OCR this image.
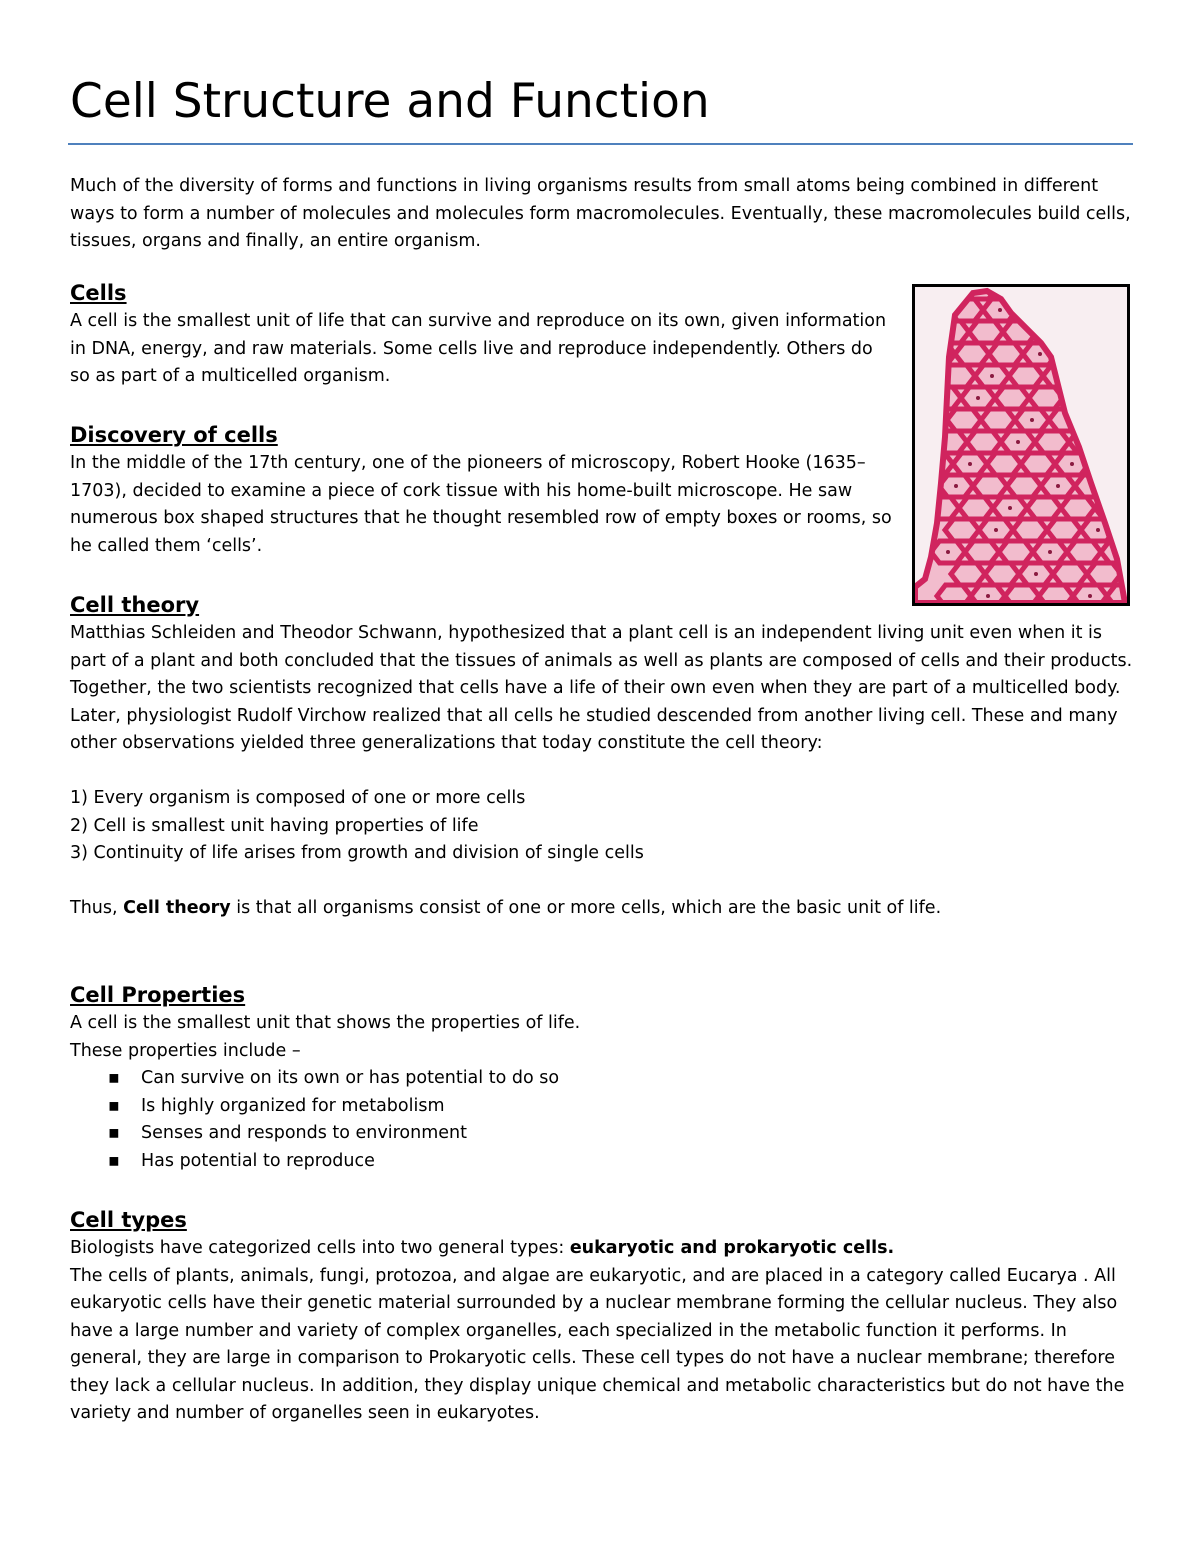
Cell Structure and Function

Much of the diversity of forms and functions in living organisms results from small atoms being combined in different ways to form a number of molecules and molecules form macromolecules. Eventually, these macromolecules build cells, tissues, organs and finally, an entire organism.

Cells

A cell is the smallest unit of life that can survive and reproduce on its own, given information in DNA, energy, and raw materials. Some cells live and reproduce independently. Others do so as part of a multicelled organism.

Discovery of cells

In the middle of the 17th century, one of the pioneers of microscopy, Robert Hooke (1635–1703), decided to examine a piece of cork tissue with his home-built microscope. He saw numerous box shaped structures that he thought resembled row of empty boxes or rooms, so he called them ‘cells’.

Cell theory

Matthias Schleiden and Theodor Schwann, hypothesized that a plant cell is an independent living unit even when it is part of a plant and both concluded that the tissues of animals as well as plants are composed of cells and their products. Together, the two scientists recognized that cells have a life of their own even when they are part of a multicelled body.

Later, physiologist Rudolf Virchow realized that all cells he studied descended from another living cell. These and many other observations yielded three generalizations that today constitute the cell theory:

1) Every organism is composed of one or more cells
2) Cell is smallest unit having properties of life
3) Continuity of life arises from growth and division of single cells

Thus, Cell theory is that all organisms consist of one or more cells, which are the basic unit of life.

Cell Properties

A cell is the smallest unit that shows the properties of life.

These properties include –

▪ Can survive on its own or has potential to do so
▪ Is highly organized for metabolism
▪ Senses and responds to environment
▪ Has potential to reproduce
Cell types

Biologists have categorized cells into two general types: eukaryotic and prokaryotic cells.

The cells of plants, animals, fungi, protozoa, and algae are eukaryotic, and are placed in a category called Eucarya . All eukaryotic cells have their genetic material surrounded by a nuclear membrane forming the cellular nucleus. They also have a large number and variety of complex organelles, each specialized in the metabolic function it performs. In general, they are large in comparison to Prokaryotic cells. These cell types do not have a nuclear membrane; therefore they lack a cellular nucleus. In addition, they display unique chemical and metabolic characteristics but do not have the variety and number of organelles seen in eukaryotes.
